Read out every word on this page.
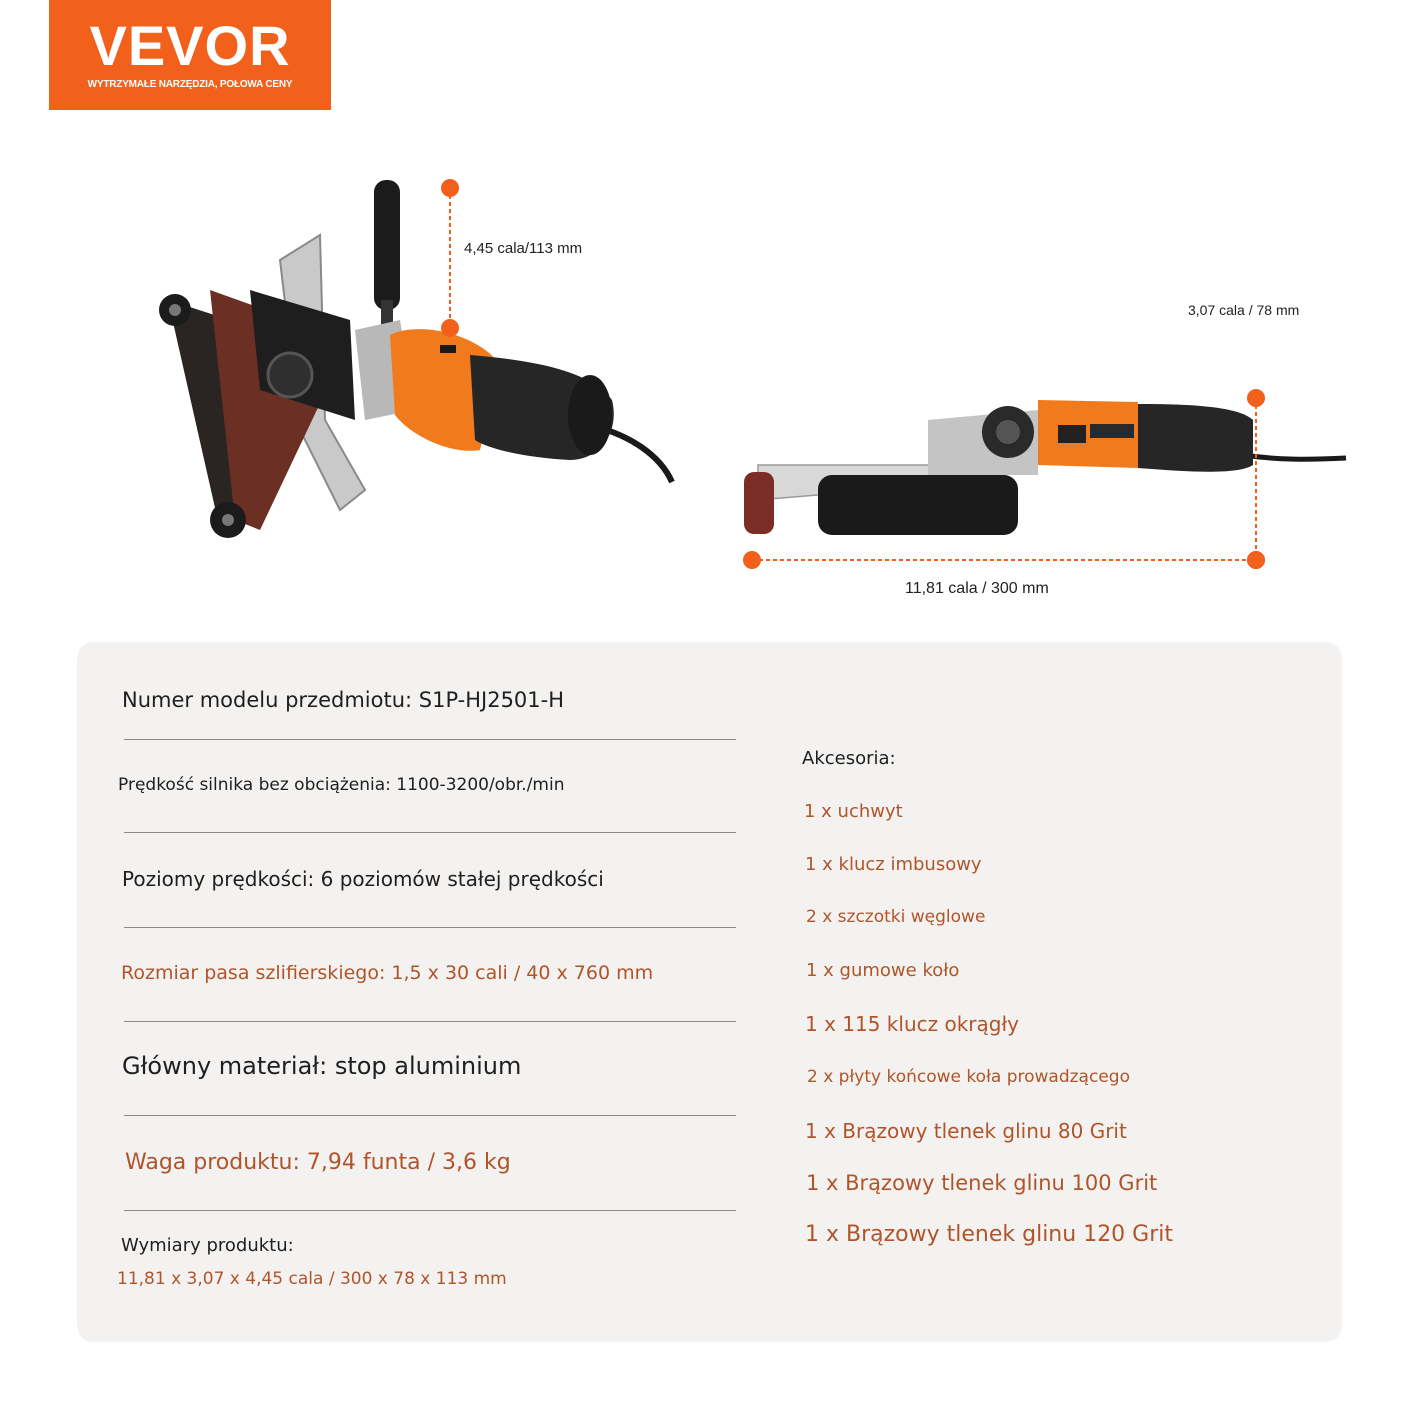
VEVOR
WYTRZYMAŁE NARZĘDZIA, POŁOWA CENY
4,45 cala/113 mm
3,07 cala / 78 mm
11,81 cala / 300 mm
Numer modelu przedmiotu: S1P-HJ2501-H
Prędkość silnika bez obciążenia: 1100-3200/obr./min
Poziomy prędkości: 6 poziomów stałej prędkości
Rozmiar pasa szlifierskiego: 1,5 x 30 cali / 40 x 760 mm
Główny materiał: stop aluminium
Waga produktu: 7,94 funta / 3,6 kg
Wymiary produktu:
11,81 x 3,07 x 4,45 cala / 300 x 78 x 113 mm
Akcesoria:
1 x uchwyt
1 x klucz imbusowy
2 x szczotki węglowe
1 x gumowe koło
1 x 115 klucz okrągły
2 x płyty końcowe koła prowadzącego
1 x Brązowy tlenek glinu 80 Grit
1 x Brązowy tlenek glinu 100 Grit
1 x Brązowy tlenek glinu 120 Grit
